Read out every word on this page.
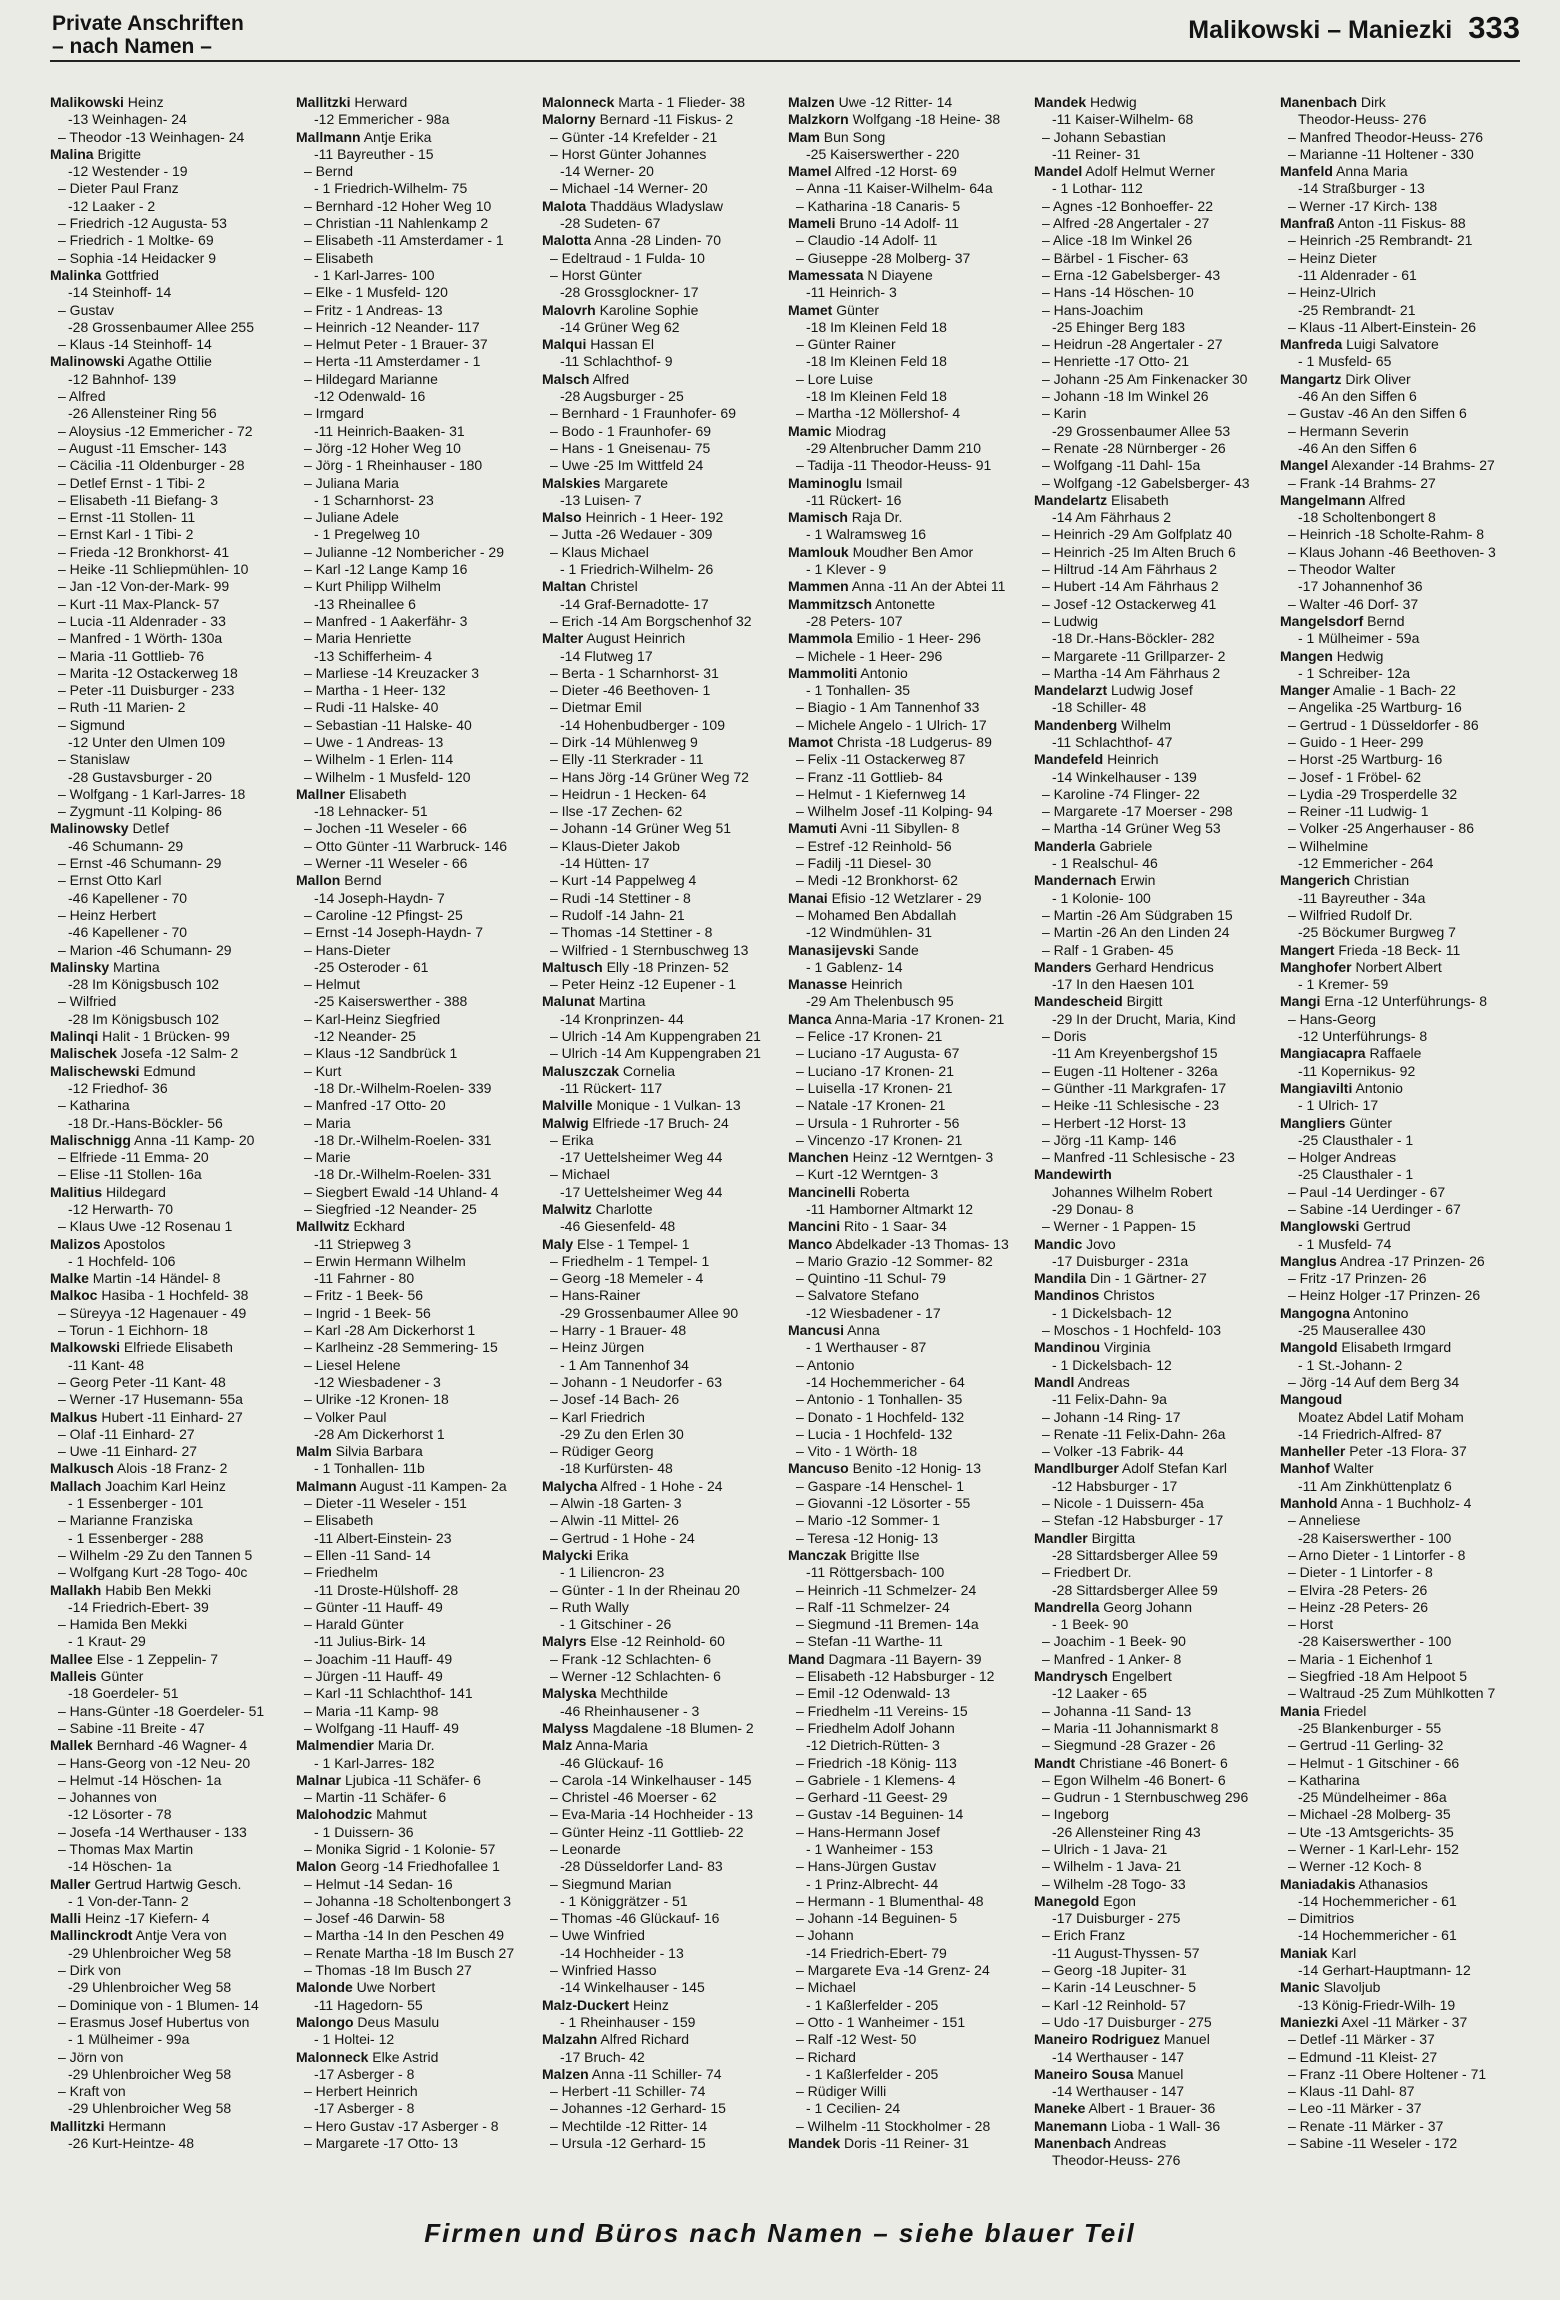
Private Anschriften
– nach Namen –
Malikowski – Maniezki 333
Malikowski Heinz
-13 Weinhagen- 24
– Theodor -13 Weinhagen- 24
Malina Brigitte
-12 Westender - 19
– Dieter Paul Franz
-12 Laaker - 2
– Friedrich -12 Augusta- 53
– Friedrich - 1 Moltke- 69
– Sophia -14 Heidacker 9
Malinka Gottfried
-14 Steinhoff- 14
– Gustav
-28 Grossenbaumer Allee 255
– Klaus -14 Steinhoff- 14
Malinowski Agathe Ottilie
-12 Bahnhof- 139
– Alfred
-26 Allensteiner Ring 56
– Aloysius -12 Emmericher - 72
– August -11 Emscher- 143
– Cäcilia -11 Oldenburger - 28
– Detlef Ernst - 1 Tibi- 2
– Elisabeth -11 Biefang- 3
– Ernst -11 Stollen- 11
– Ernst Karl - 1 Tibi- 2
– Frieda -12 Bronkhorst- 41
– Heike -11 Schliepmühlen- 10
– Jan -12 Von-der-Mark- 99
– Kurt -11 Max-Planck- 57
– Lucia -11 Aldenrader - 33
– Manfred - 1 Wörth- 130a
– Maria -11 Gottlieb- 76
– Marita -12 Ostackerweg 18
– Peter -11 Duisburger - 233
– Ruth -11 Marien- 2
– Sigmund
-12 Unter den Ulmen 109
– Stanislaw
-28 Gustavsburger - 20
– Wolfgang - 1 Karl-Jarres- 18
– Zygmunt -11 Kolping- 86
Malinowsky Detlef
-46 Schumann- 29
– Ernst -46 Schumann- 29
– Ernst Otto Karl
-46 Kapellener - 70
– Heinz Herbert
-46 Kapellener - 70
– Marion -46 Schumann- 29
Malinsky Martina
-28 Im Königsbusch 102
– Wilfried
-28 Im Königsbusch 102
Malinqi Halit - 1 Brücken- 99
Malischek Josefa -12 Salm- 2
Malischewski Edmund
-12 Friedhof- 36
– Katharina
-18 Dr.-Hans-Böckler- 56
Malischnigg Anna -11 Kamp- 20
– Elfriede -11 Emma- 20
– Elise -11 Stollen- 16a
Malitius Hildegard
-12 Herwarth- 70
– Klaus Uwe -12 Rosenau 1
Malizos Apostolos
- 1 Hochfeld- 106
Malke Martin -14 Händel- 8
Malkoc Hasiba - 1 Hochfeld- 38
– Süreyya -12 Hagenauer - 49
– Torun - 1 Eichhorn- 18
Malkowski Elfriede Elisabeth
-11 Kant- 48
– Georg Peter -11 Kant- 48
– Werner -17 Husemann- 55a
Malkus Hubert -11 Einhard- 27
– Olaf -11 Einhard- 27
– Uwe -11 Einhard- 27
Malkusch Alois -18 Franz- 2
Mallach Joachim Karl Heinz
- 1 Essenberger - 101
– Marianne Franziska
- 1 Essenberger - 288
– Wilhelm -29 Zu den Tannen 5
– Wolfgang Kurt -28 Togo- 40c
Mallakh Habib Ben Mekki
-14 Friedrich-Ebert- 39
– Hamida Ben Mekki
- 1 Kraut- 29
Mallee Else - 1 Zeppelin- 7
Malleis Günter
-18 Goerdeler- 51
– Hans-Günter -18 Goerdeler- 51
– Sabine -11 Breite - 47
Mallek Bernhard -46 Wagner- 4
– Hans-Georg von -12 Neu- 20
– Helmut -14 Höschen- 1a
– Johannes von
-12 Lösorter - 78
– Josefa -14 Werthauser - 133
– Thomas Max Martin
-14 Höschen- 1a
Maller Gertrud Hartwig Gesch.
- 1 Von-der-Tann- 2
Malli Heinz -17 Kiefern- 4
Mallinckrodt Antje Vera von
-29 Uhlenbroicher Weg 58
– Dirk von
-29 Uhlenbroicher Weg 58
– Dominique von - 1 Blumen- 14
– Erasmus Josef Hubertus von
- 1 Mülheimer - 99a
– Jörn von
-29 Uhlenbroicher Weg 58
– Kraft von
-29 Uhlenbroicher Weg 58
Mallitzki Hermann
-26 Kurt-Heintze- 48
Mallitzki Herward
-12 Emmericher - 98a
Mallmann Antje Erika
-11 Bayreuther - 15
– Bernd
- 1 Friedrich-Wilhelm- 75
– Bernhard -12 Hoher Weg 10
– Christian -11 Nahlenkamp 2
– Elisabeth -11 Amsterdamer - 1
– Elisabeth
- 1 Karl-Jarres- 100
– Elke - 1 Musfeld- 120
– Fritz - 1 Andreas- 13
– Heinrich -12 Neander- 117
– Helmut Peter - 1 Brauer- 37
– Herta -11 Amsterdamer - 1
– Hildegard Marianne
-12 Odenwald- 16
– Irmgard
-11 Heinrich-Baaken- 31
– Jörg -12 Hoher Weg 10
– Jörg - 1 Rheinhauser - 180
– Juliana Maria
- 1 Scharnhorst- 23
– Juliane Adele
- 1 Pregelweg 10
– Julianne -12 Nombericher - 29
– Karl -12 Lange Kamp 16
– Kurt Philipp Wilhelm
-13 Rheinallee 6
– Manfred - 1 Aakerfähr- 3
– Maria Henriette
-13 Schifferheim- 4
– Marliese -14 Kreuzacker 3
– Martha - 1 Heer- 132
– Rudi -11 Halske- 40
– Sebastian -11 Halske- 40
– Uwe - 1 Andreas- 13
– Wilhelm - 1 Erlen- 114
– Wilhelm - 1 Musfeld- 120
Mallner Elisabeth
-18 Lehnacker- 51
– Jochen -11 Weseler - 66
– Otto Günter -11 Warbruck- 146
– Werner -11 Weseler - 66
Mallon Bernd
-14 Joseph-Haydn- 7
– Caroline -12 Pfingst- 25
– Ernst -14 Joseph-Haydn- 7
– Hans-Dieter
-25 Osteroder - 61
– Helmut
-25 Kaiserswerther - 388
– Karl-Heinz Siegfried
-12 Neander- 25
– Klaus -12 Sandbrück 1
– Kurt
-18 Dr.-Wilhelm-Roelen- 339
– Manfred -17 Otto- 20
– Maria
-18 Dr.-Wilhelm-Roelen- 331
– Marie
-18 Dr.-Wilhelm-Roelen- 331
– Siegbert Ewald -14 Uhland- 4
– Siegfried -12 Neander- 25
Mallwitz Eckhard
-11 Striepweg 3
– Erwin Hermann Wilhelm
-11 Fahrner - 80
– Fritz - 1 Beek- 56
– Ingrid - 1 Beek- 56
– Karl -28 Am Dickerhorst 1
– Karlheinz -28 Semmering- 15
– Liesel Helene
-12 Wiesbadener - 3
– Ulrike -12 Kronen- 18
– Volker Paul
-28 Am Dickerhorst 1
Malm Silvia Barbara
- 1 Tonhallen- 11b
Malmann August -11 Kampen- 2a
– Dieter -11 Weseler - 151
– Elisabeth
-11 Albert-Einstein- 23
– Ellen -11 Sand- 14
– Friedhelm
-11 Droste-Hülshoff- 28
– Günter -11 Hauff- 49
– Harald Günter
-11 Julius-Birk- 14
– Joachim -11 Hauff- 49
– Jürgen -11 Hauff- 49
– Karl -11 Schlachthof- 141
– Maria -11 Kamp- 98
– Wolfgang -11 Hauff- 49
Malmendier Maria Dr.
- 1 Karl-Jarres- 182
Malnar Ljubica -11 Schäfer- 6
– Martin -11 Schäfer- 6
Malohodzic Mahmut
- 1 Duissern- 36
– Monika Sigrid - 1 Kolonie- 57
Malon Georg -14 Friedhofallee 1
– Helmut -14 Sedan- 16
– Johanna -18 Scholtenbongert 3
– Josef -46 Darwin- 58
– Martha -14 In den Peschen 49
– Renate Martha -18 Im Busch 27
– Thomas -18 Im Busch 27
Malonde Uwe Norbert
-11 Hagedorn- 55
Malongo Deus Masulu
- 1 Holtei- 12
Malonneck Elke Astrid
-17 Asberger - 8
– Herbert Heinrich
-17 Asberger - 8
– Hero Gustav -17 Asberger - 8
– Margarete -17 Otto- 13
Malonneck Marta - 1 Flieder- 38
Malorny Bernard -11 Fiskus- 2
– Günter -14 Krefelder - 21
– Horst Günter Johannes
-14 Werner- 20
– Michael -14 Werner- 20
Malota Thaddäus Wladyslaw
-28 Sudeten- 67
Malotta Anna -28 Linden- 70
– Edeltraud - 1 Fulda- 10
– Horst Günter
-28 Grossglockner- 17
Malovrh Karoline Sophie
-14 Grüner Weg 62
Malqui Hassan El
-11 Schlachthof- 9
Malsch Alfred
-28 Augsburger - 25
– Bernhard - 1 Fraunhofer- 69
– Bodo - 1 Fraunhofer- 69
– Hans - 1 Gneisenau- 75
– Uwe -25 Im Wittfeld 24
Malskies Margarete
-13 Luisen- 7
Malso Heinrich - 1 Heer- 192
– Jutta -26 Wedauer - 309
– Klaus Michael
- 1 Friedrich-Wilhelm- 26
Maltan Christel
-14 Graf-Bernadotte- 17
– Erich -14 Am Borgschenhof 32
Malter August Heinrich
-14 Flutweg 17
– Berta - 1 Scharnhorst- 31
– Dieter -46 Beethoven- 1
– Dietmar Emil
-14 Hohenbudberger - 109
– Dirk -14 Mühlenweg 9
– Elly -11 Sterkrader - 11
– Hans Jörg -14 Grüner Weg 72
– Heidrun - 1 Hecken- 64
– Ilse -17 Zechen- 62
– Johann -14 Grüner Weg 51
– Klaus-Dieter Jakob
-14 Hütten- 17
– Kurt -14 Pappelweg 4
– Rudi -14 Stettiner - 8
– Rudolf -14 Jahn- 21
– Thomas -14 Stettiner - 8
– Wilfried - 1 Sternbuschweg 13
Maltusch Elly -18 Prinzen- 52
– Peter Heinz -12 Eupener - 1
Malunat Martina
-14 Kronprinzen- 44
– Ulrich -14 Am Kuppengraben 21
– Ulrich -14 Am Kuppengraben 21
Maluszczak Cornelia
-11 Rückert- 117
Malville Monique - 1 Vulkan- 13
Malwig Elfriede -17 Bruch- 24
– Erika
-17 Uettelsheimer Weg 44
– Michael
-17 Uettelsheimer Weg 44
Malwitz Charlotte
-46 Giesenfeld- 48
Maly Else - 1 Tempel- 1
– Friedhelm - 1 Tempel- 1
– Georg -18 Memeler - 4
– Hans-Rainer
-29 Grossenbaumer Allee 90
– Harry - 1 Brauer- 48
– Heinz Jürgen
- 1 Am Tannenhof 34
– Johann - 1 Neudorfer - 63
– Josef -14 Bach- 26
– Karl Friedrich
-29 Zu den Erlen 30
– Rüdiger Georg
-18 Kurfürsten- 48
Malycha Alfred - 1 Hohe - 24
– Alwin -18 Garten- 3
– Alwin -11 Mittel- 26
– Gertrud - 1 Hohe - 24
Malycki Erika
- 1 Liliencron- 23
– Günter - 1 In der Rheinau 20
– Ruth Wally
- 1 Gitschiner - 26
Malyrs Else -12 Reinhold- 60
– Frank -12 Schlachten- 6
– Werner -12 Schlachten- 6
Malyska Mechthilde
-46 Rheinhausener - 3
Malyss Magdalene -18 Blumen- 2
Malz Anna-Maria
-46 Glückauf- 16
– Carola -14 Winkelhauser - 145
– Christel -46 Moerser - 62
– Eva-Maria -14 Hochheider - 13
– Günter Heinz -11 Gottlieb- 22
– Leonarde
-28 Düsseldorfer Land- 83
– Siegmund Marian
- 1 Königgrätzer - 51
– Thomas -46 Glückauf- 16
– Uwe Winfried
-14 Hochheider - 13
– Winfried Hasso
-14 Winkelhauser - 145
Malz-Duckert Heinz
- 1 Rheinhauser - 159
Malzahn Alfred Richard
-17 Bruch- 42
Malzen Anna -11 Schiller- 74
– Herbert -11 Schiller- 74
– Johannes -12 Gerhard- 15
– Mechtilde -12 Ritter- 14
– Ursula -12 Gerhard- 15
Malzen Uwe -12 Ritter- 14
Malzkorn Wolfgang -18 Heine- 38
Mam Bun Song
-25 Kaiserswerther - 220
Mamel Alfred -12 Horst- 69
– Anna -11 Kaiser-Wilhelm- 64a
– Katharina -18 Canaris- 5
Mameli Bruno -14 Adolf- 11
– Claudio -14 Adolf- 11
– Giuseppe -28 Molberg- 37
Mamessata N Diayene
-11 Heinrich- 3
Mamet Günter
-18 Im Kleinen Feld 18
– Günter Rainer
-18 Im Kleinen Feld 18
– Lore Luise
-18 Im Kleinen Feld 18
– Martha -12 Möllershof- 4
Mamic Miodrag
-29 Altenbrucher Damm 210
– Tadija -11 Theodor-Heuss- 91
Maminoglu Ismail
-11 Rückert- 16
Mamisch Raja Dr.
- 1 Walramsweg 16
Mamlouk Moudher Ben Amor
- 1 Klever - 9
Mammen Anna -11 An der Abtei 11
Mammitzsch Antonette
-28 Peters- 107
Mammola Emilio - 1 Heer- 296
– Michele - 1 Heer- 296
Mammoliti Antonio
- 1 Tonhallen- 35
– Biagio - 1 Am Tannenhof 33
– Michele Angelo - 1 Ulrich- 17
Mamot Christa -18 Ludgerus- 89
– Felix -11 Ostackerweg 87
– Franz -11 Gottlieb- 84
– Helmut - 1 Kiefernweg 14
– Wilhelm Josef -11 Kolping- 94
Mamuti Avni -11 Sibyllen- 8
– Estref -12 Reinhold- 56
– Fadilj -11 Diesel- 30
– Medi -12 Bronkhorst- 62
Manai Efisio -12 Wetzlarer - 29
– Mohamed Ben Abdallah
-12 Windmühlen- 31
Manasijevski Sande
- 1 Gablenz- 14
Manasse Heinrich
-29 Am Thelenbusch 95
Manca Anna-Maria -17 Kronen- 21
– Felice -17 Kronen- 21
– Luciano -17 Augusta- 67
– Luciano -17 Kronen- 21
– Luisella -17 Kronen- 21
– Natale -17 Kronen- 21
– Ursula - 1 Ruhrorter - 56
– Vincenzo -17 Kronen- 21
Manchen Heinz -12 Werntgen- 3
– Kurt -12 Werntgen- 3
Mancinelli Roberta
-11 Hamborner Altmarkt 12
Mancini Rito - 1 Saar- 34
Manco Abdelkader -13 Thomas- 13
– Mario Grazio -12 Sommer- 82
– Quintino -11 Schul- 79
– Salvatore Stefano
-12 Wiesbadener - 17
Mancusi Anna
- 1 Werthauser - 87
– Antonio
-14 Hochemmericher - 64
– Antonio - 1 Tonhallen- 35
– Donato - 1 Hochfeld- 132
– Lucia - 1 Hochfeld- 132
– Vito - 1 Wörth- 18
Mancuso Benito -12 Honig- 13
– Gaspare -14 Henschel- 1
– Giovanni -12 Lösorter - 55
– Mario -12 Sommer- 1
– Teresa -12 Honig- 13
Manczak Brigitte Ilse
-11 Röttgersbach- 100
– Heinrich -11 Schmelzer- 24
– Ralf -11 Schmelzer- 24
– Siegmund -11 Bremen- 14a
– Stefan -11 Warthe- 11
Mand Dagmara -11 Bayern- 39
– Elisabeth -12 Habsburger - 12
– Emil -12 Odenwald- 13
– Friedhelm -11 Vereins- 15
– Friedhelm Adolf Johann
-12 Dietrich-Rütten- 3
– Friedrich -18 König- 113
– Gabriele - 1 Klemens- 4
– Gerhard -11 Geest- 29
– Gustav -14 Beguinen- 14
– Hans-Hermann Josef
- 1 Wanheimer - 153
– Hans-Jürgen Gustav
- 1 Prinz-Albrecht- 44
– Hermann - 1 Blumenthal- 48
– Johann -14 Beguinen- 5
– Johann
-14 Friedrich-Ebert- 79
– Margarete Eva -14 Grenz- 24
– Michael
- 1 Kaßlerfelder - 205
– Otto - 1 Wanheimer - 151
– Ralf -12 West- 50
– Richard
- 1 Kaßlerfelder - 205
– Rüdiger Willi
- 1 Cecilien- 24
– Wilhelm -11 Stockholmer - 28
Mandek Doris -11 Reiner- 31
Mandek Hedwig
-11 Kaiser-Wilhelm- 68
– Johann Sebastian
-11 Reiner- 31
Mandel Adolf Helmut Werner
- 1 Lothar- 112
– Agnes -12 Bonhoeffer- 22
– Alfred -28 Angertaler - 27
– Alice -18 Im Winkel 26
– Bärbel - 1 Fischer- 63
– Erna -12 Gabelsberger- 43
– Hans -14 Höschen- 10
– Hans-Joachim
-25 Ehinger Berg 183
– Heidrun -28 Angertaler - 27
– Henriette -17 Otto- 21
– Johann -25 Am Finkenacker 30
– Johann -18 Im Winkel 26
– Karin
-29 Grossenbaumer Allee 53
– Renate -28 Nürnberger - 26
– Wolfgang -11 Dahl- 15a
– Wolfgang -12 Gabelsberger- 43
Mandelartz Elisabeth
-14 Am Fährhaus 2
– Heinrich -29 Am Golfplatz 40
– Heinrich -25 Im Alten Bruch 6
– Hiltrud -14 Am Fährhaus 2
– Hubert -14 Am Fährhaus 2
– Josef -12 Ostackerweg 41
– Ludwig
-18 Dr.-Hans-Böckler- 282
– Margarete -11 Grillparzer- 2
– Martha -14 Am Fährhaus 2
Mandelarzt Ludwig Josef
-18 Schiller- 48
Mandenberg Wilhelm
-11 Schlachthof- 47
Mandefeld Heinrich
-14 Winkelhauser - 139
– Karoline -74 Flinger- 22
– Margarete -17 Moerser - 298
– Martha -14 Grüner Weg 53
Manderla Gabriele
- 1 Realschul- 46
Mandernach Erwin
- 1 Kolonie- 100
– Martin -26 Am Südgraben 15
– Martin -26 An den Linden 24
– Ralf - 1 Graben- 45
Manders Gerhard Hendricus
-17 In den Haesen 101
Mandescheid Birgitt
-29 In der Drucht, Maria, Kind
– Doris
-11 Am Kreyenbergshof 15
– Eugen -11 Holtener - 326a
– Günther -11 Markgrafen- 17
– Heike -11 Schlesische - 23
– Herbert -12 Horst- 13
– Jörg -11 Kamp- 146
– Manfred -11 Schlesische - 23
Mandewirth
Johannes Wilhelm Robert
-29 Donau- 8
– Werner - 1 Pappen- 15
Mandic Jovo
-17 Duisburger - 231a
Mandila Din - 1 Gärtner- 27
Mandinos Christos
- 1 Dickelsbach- 12
– Moschos - 1 Hochfeld- 103
Mandinou Virginia
- 1 Dickelsbach- 12
Mandl Andreas
-11 Felix-Dahn- 9a
– Johann -14 Ring- 17
– Renate -11 Felix-Dahn- 26a
– Volker -13 Fabrik- 44
Mandlburger Adolf Stefan Karl
-12 Habsburger - 17
– Nicole - 1 Duissern- 45a
– Stefan -12 Habsburger - 17
Mandler Birgitta
-28 Sittardsberger Allee 59
– Friedbert Dr.
-28 Sittardsberger Allee 59
Mandrella Georg Johann
- 1 Beek- 90
– Joachim - 1 Beek- 90
– Manfred - 1 Anker- 8
Mandrysch Engelbert
-12 Laaker - 65
– Johanna -11 Sand- 13
– Maria -11 Johannismarkt 8
– Siegmund -28 Grazer - 26
Mandt Christiane -46 Bonert- 6
– Egon Wilhelm -46 Bonert- 6
– Gudrun - 1 Sternbuschweg 296
– Ingeborg
-26 Allensteiner Ring 43
– Ulrich - 1 Java- 21
– Wilhelm - 1 Java- 21
– Wilhelm -28 Togo- 33
Manegold Egon
-17 Duisburger - 275
– Erich Franz
-11 August-Thyssen- 57
– Georg -18 Jupiter- 31
– Karin -14 Leuschner- 5
– Karl -12 Reinhold- 57
– Udo -17 Duisburger - 275
Maneiro Rodriguez Manuel
-14 Werthauser - 147
Maneiro Sousa Manuel
-14 Werthauser - 147
Maneke Albert - 1 Brauer- 36
Manemann Lioba - 1 Wall- 36
Manenbach Andreas
Theodor-Heuss- 276
Manenbach Dirk
Theodor-Heuss- 276
– Manfred Theodor-Heuss- 276
– Marianne -11 Holtener - 330
Manfeld Anna Maria
-14 Straßburger - 13
– Werner -17 Kirch- 138
Manfraß Anton -11 Fiskus- 88
– Heinrich -25 Rembrandt- 21
– Heinz Dieter
-11 Aldenrader - 61
– Heinz-Ulrich
-25 Rembrandt- 21
– Klaus -11 Albert-Einstein- 26
Manfreda Luigi Salvatore
- 1 Musfeld- 65
Mangartz Dirk Oliver
-46 An den Siffen 6
– Gustav -46 An den Siffen 6
– Hermann Severin
-46 An den Siffen 6
Mangel Alexander -14 Brahms- 27
– Frank -14 Brahms- 27
Mangelmann Alfred
-18 Scholtenbongert 8
– Heinrich -18 Scholte-Rahm- 8
– Klaus Johann -46 Beethoven- 3
– Theodor Walter
-17 Johannenhof 36
– Walter -46 Dorf- 37
Mangelsdorf Bernd
- 1 Mülheimer - 59a
Mangen Hedwig
- 1 Schreiber- 12a
Manger Amalie - 1 Bach- 22
– Angelika -25 Wartburg- 16
– Gertrud - 1 Düsseldorfer - 86
– Guido - 1 Heer- 299
– Horst -25 Wartburg- 16
– Josef - 1 Fröbel- 62
– Lydia -29 Trosperdelle 32
– Reiner -11 Ludwig- 1
– Volker -25 Angerhauser - 86
– Wilhelmine
-12 Emmericher - 264
Mangerich Christian
-11 Bayreuther - 34a
– Wilfried Rudolf Dr.
-25 Böckumer Burgweg 7
Mangert Frieda -18 Beck- 11
Manghofer Norbert Albert
- 1 Kremer- 59
Mangi Erna -12 Unterführungs- 8
– Hans-Georg
-12 Unterführungs- 8
Mangiacapra Raffaele
-11 Kopernikus- 92
Mangiavilti Antonio
- 1 Ulrich- 17
Mangliers Günter
-25 Clausthaler - 1
– Holger Andreas
-25 Clausthaler - 1
– Paul -14 Uerdinger - 67
– Sabine -14 Uerdinger - 67
Manglowski Gertrud
- 1 Musfeld- 74
Manglus Andrea -17 Prinzen- 26
– Fritz -17 Prinzen- 26
– Heinz Holger -17 Prinzen- 26
Mangogna Antonino
-25 Mauserallee 430
Mangold Elisabeth Irmgard
- 1 St.-Johann- 2
– Jörg -14 Auf dem Berg 34
Mangoud
Moatez Abdel Latif Moham
-14 Friedrich-Alfred- 87
Manheller Peter -13 Flora- 37
Manhof Walter
-11 Am Zinkhüttenplatz 6
Manhold Anna - 1 Buchholz- 4
– Anneliese
-28 Kaiserswerther - 100
– Arno Dieter - 1 Lintorfer - 8
– Dieter - 1 Lintorfer - 8
– Elvira -28 Peters- 26
– Heinz -28 Peters- 26
– Horst
-28 Kaiserswerther - 100
– Maria - 1 Eichenhof 1
– Siegfried -18 Am Helpoot 5
– Waltraud -25 Zum Mühlkotten 7
Mania Friedel
-25 Blankenburger - 55
– Gertrud -11 Gerling- 32
– Helmut - 1 Gitschiner - 66
– Katharina
-25 Mündelheimer - 86a
– Michael -28 Molberg- 35
– Ute -13 Amtsgerichts- 35
– Werner - 1 Karl-Lehr- 152
– Werner -12 Koch- 8
Maniadakis Athanasios
-14 Hochemmericher - 61
– Dimitrios
-14 Hochemmericher - 61
Maniak Karl
-14 Gerhart-Hauptmann- 12
Manic Slavoljub
-13 König-Friedr-Wilh- 19
Maniezki Axel -11 Märker - 37
– Detlef -11 Märker - 37
– Edmund -11 Kleist- 27
– Franz -11 Obere Holtener - 71
– Klaus -11 Dahl- 87
– Leo -11 Märker - 37
– Renate -11 Märker - 37
– Sabine -11 Weseler - 172
Firmen und Büros nach Namen – siehe blauer Teil
